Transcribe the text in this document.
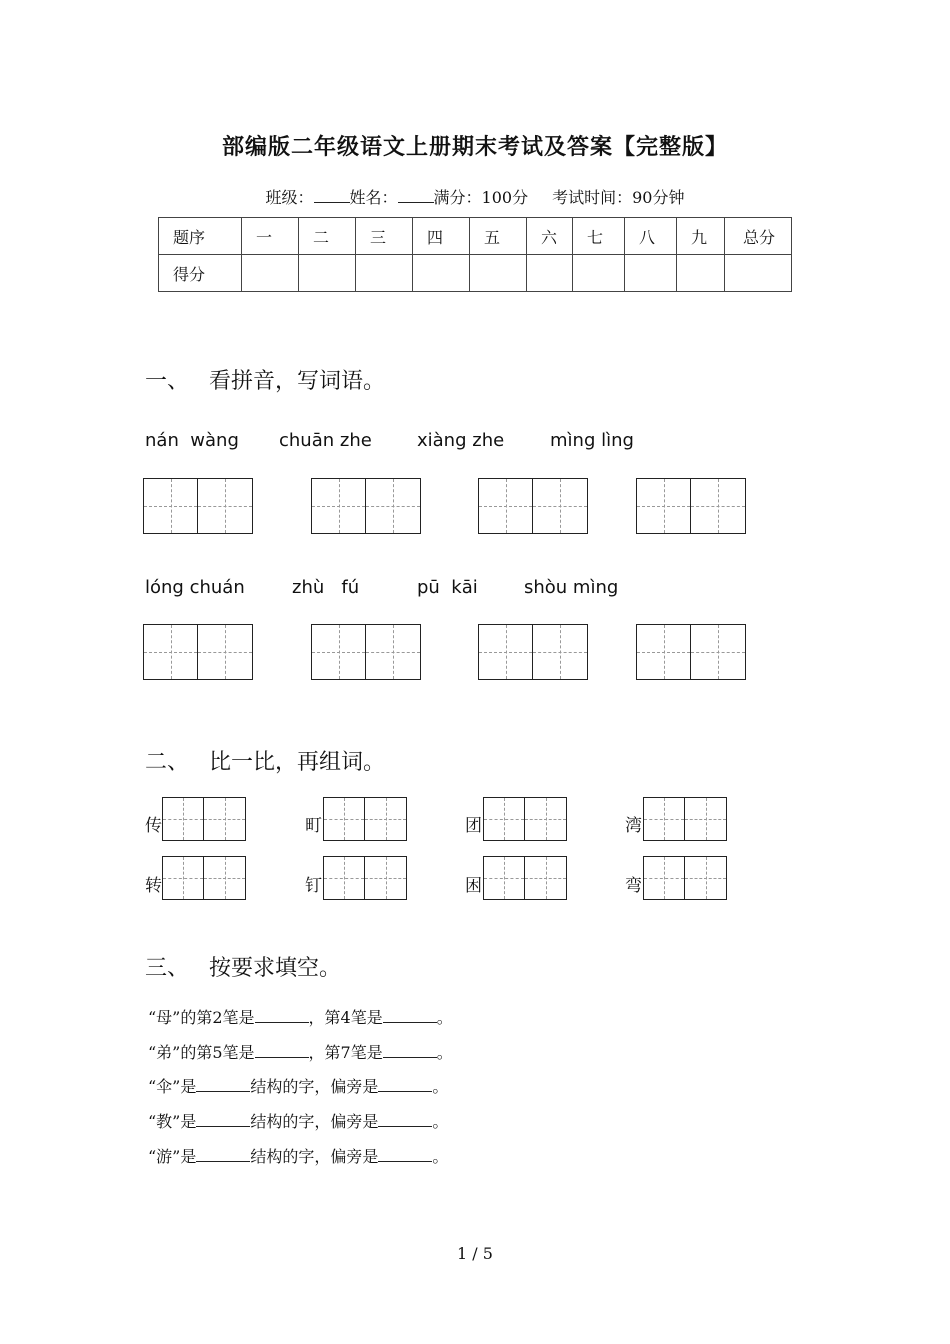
部编版二年级语文上册期末考试及答案【完整版】
班级： 姓名： 满分：100分 考试时间：90分钟
题序	一	二	三	四	五	六	七	八	九	总分
得分										
一、 看拼音，写词语。
nán  wàng chuān zhe	xiàng zhe	mìng lìng
lóng chuán	zhù   fú	pū  kāi	shòu mìng
二、 比一比，再组词。
传	町	团	湾
转	钉	困	弯
三、 按要求填空。
“母”的第2笔是	，第4笔是	。
“弟”的第5笔是	，第7笔是	。
“伞”是	结构的字，偏旁是	。
“教”是	结构的字，偏旁是	。
“游”是	结构的字，偏旁是	。
1 / 5
